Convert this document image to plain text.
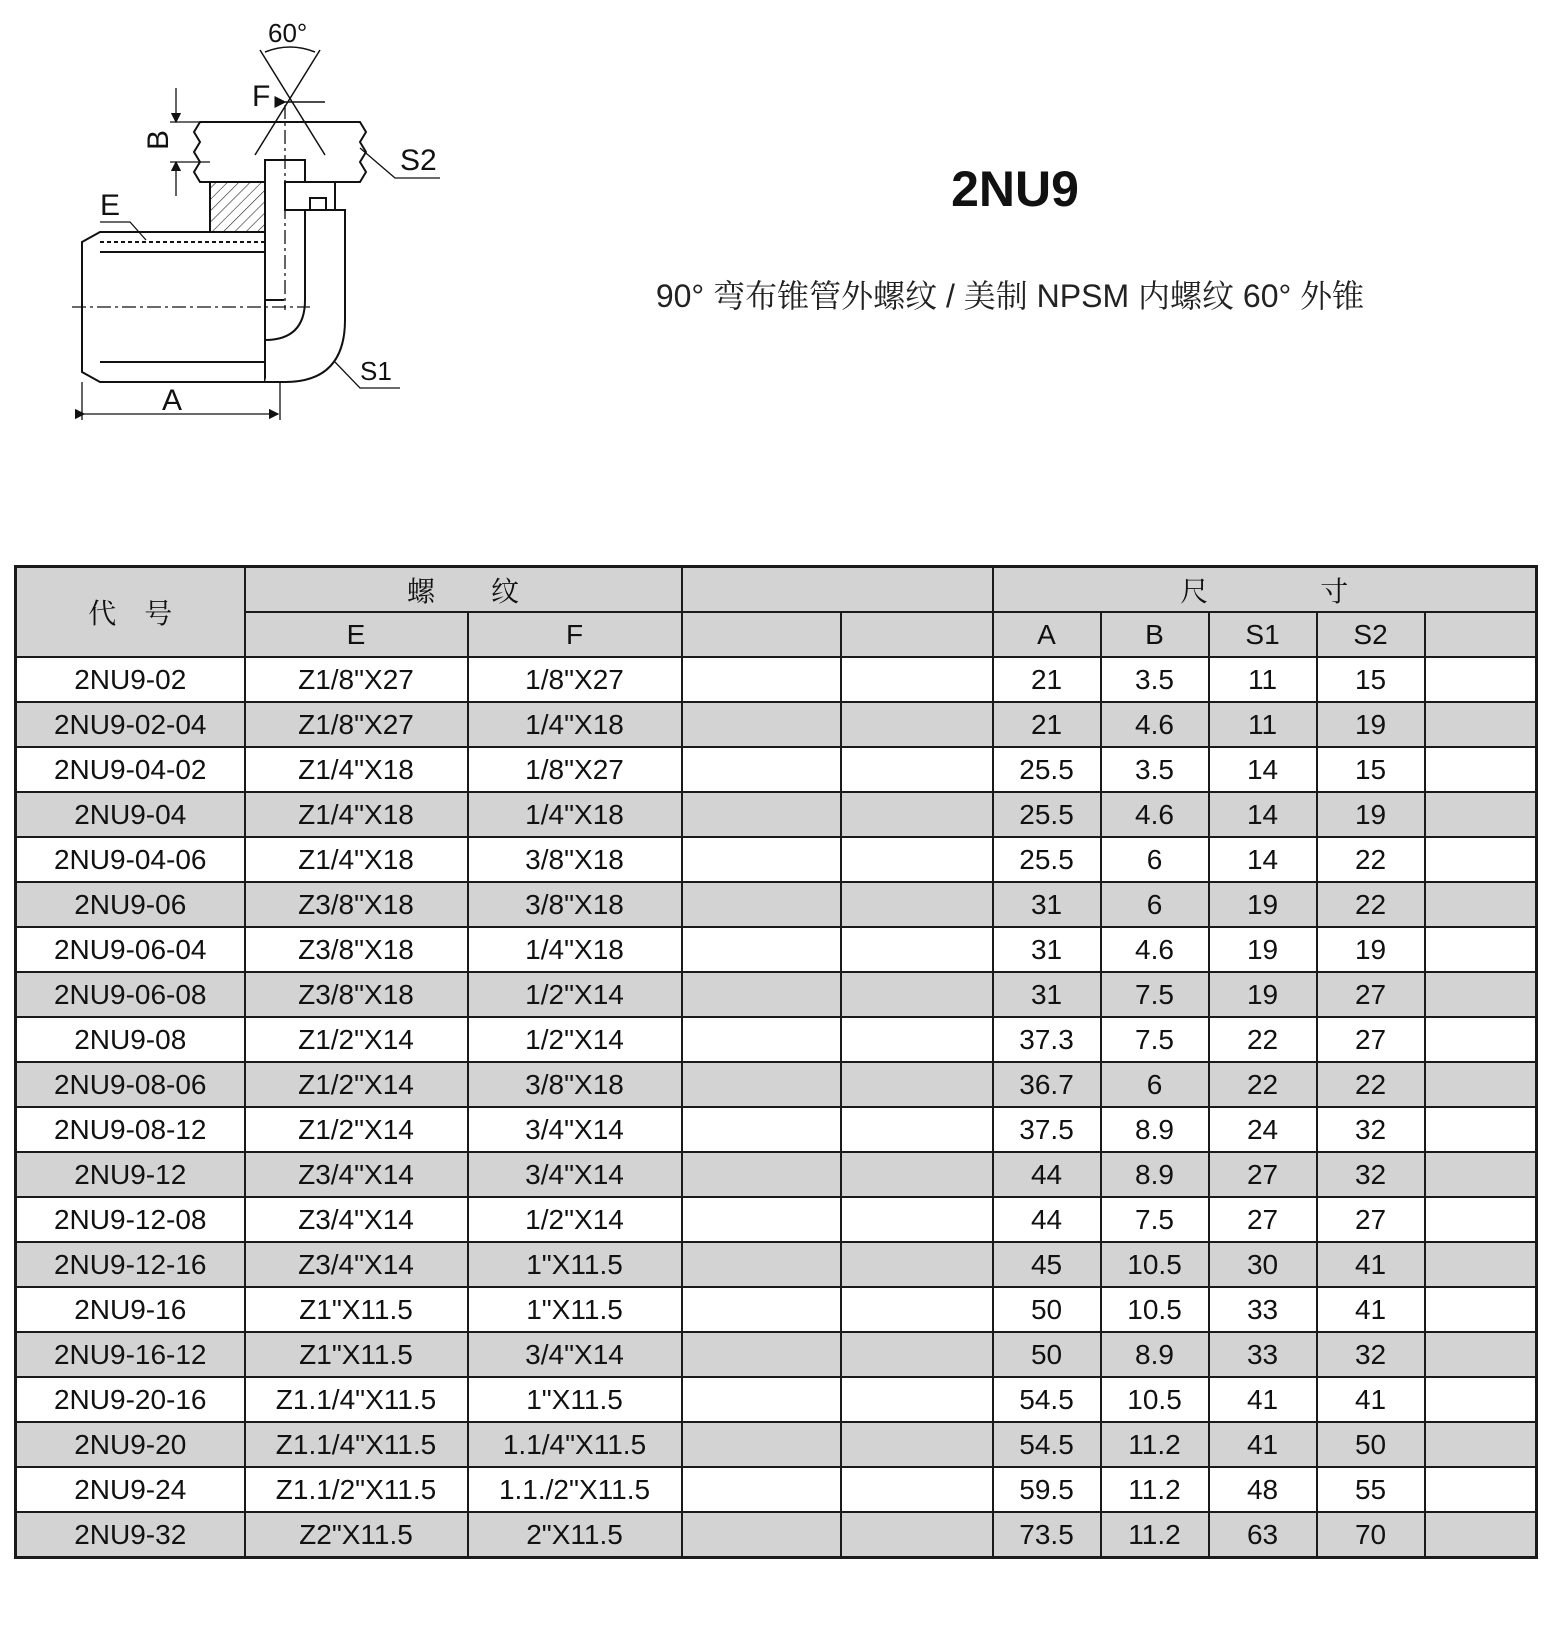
60°
F
B
E
S2
S1
A
2NU9
90° 弯布锥管外螺纹 / 美制 NPSM 内螺纹 60° 外锥
代　号	螺　　纹				尺　　　　寸				
	E	F			A	B	S1	S2	
2NU9-02	Z1/8"X27	1/8"X27			21	3.5	11	15	
2NU9-02-04	Z1/8"X27	1/4"X18			21	4.6	11	19	
2NU9-04-02	Z1/4"X18	1/8"X27			25.5	3.5	14	15	
2NU9-04	Z1/4"X18	1/4"X18			25.5	4.6	14	19	
2NU9-04-06	Z1/4"X18	3/8"X18			25.5	6	14	22	
2NU9-06	Z3/8"X18	3/8"X18			31	6	19	22	
2NU9-06-04	Z3/8"X18	1/4"X18			31	4.6	19	19	
2NU9-06-08	Z3/8"X18	1/2"X14			31	7.5	19	27	
2NU9-08	Z1/2"X14	1/2"X14			37.3	7.5	22	27	
2NU9-08-06	Z1/2"X14	3/8"X18			36.7	6	22	22	
2NU9-08-12	Z1/2"X14	3/4"X14			37.5	8.9	24	32	
2NU9-12	Z3/4"X14	3/4"X14			44	8.9	27	32	
2NU9-12-08	Z3/4"X14	1/2"X14			44	7.5	27	27	
2NU9-12-16	Z3/4"X14	1"X11.5			45	10.5	30	41	
2NU9-16	Z1"X11.5	1"X11.5			50	10.5	33	41	
2NU9-16-12	Z1"X11.5	3/4"X14			50	8.9	33	32	
2NU9-20-16	Z1.1/4"X11.5	1"X11.5			54.5	10.5	41	41	
2NU9-20	Z1.1/4"X11.5	1.1/4"X11.5			54.5	11.2	41	50	
2NU9-24	Z1.1/2"X11.5	1.1./2"X11.5			59.5	11.2	48	55	
2NU9-32	Z2"X11.5	2"X11.5			73.5	11.2	63	70	
